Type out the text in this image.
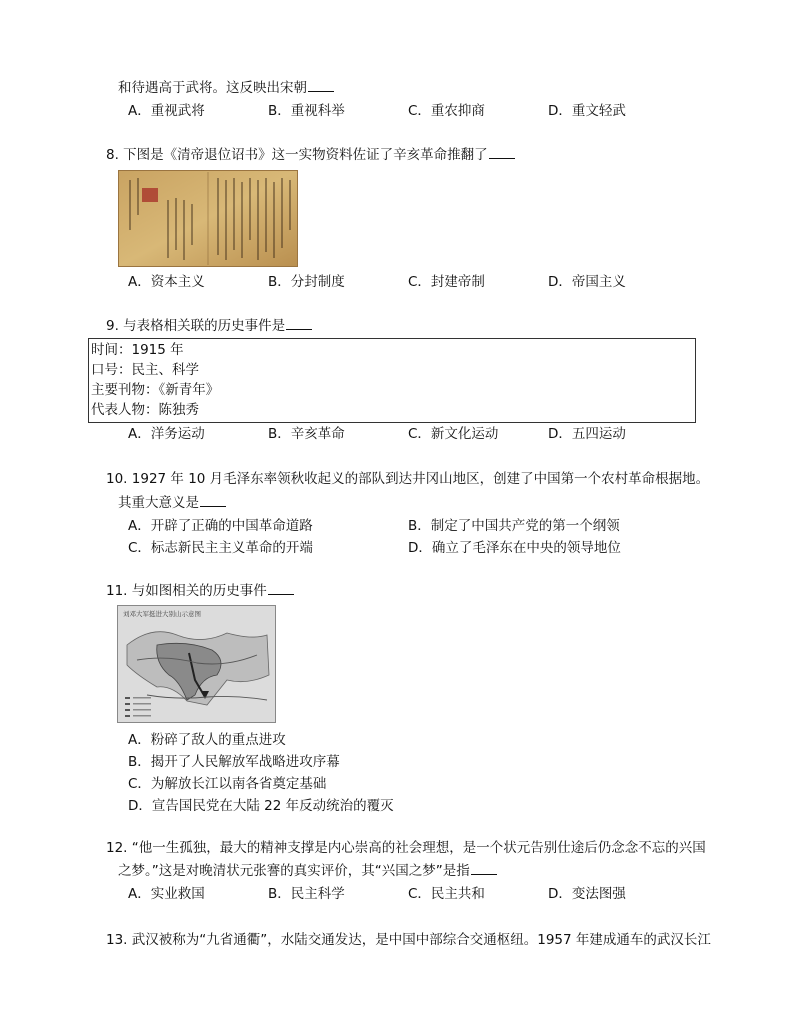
和待遇高于武将。这反映出宋朝
A．重视武将	B．重视科举	C．重农抑商	D．重文轻武
8. 下图是《清帝退位诏书》这一实物资料佐证了辛亥革命推翻了
A．资本主义	B．分封制度	C．封建帝制	D．帝国主义
9. 与表格相关联的历史事件是
时间：1915 年
口号：民主、科学
主要刊物：《新青年》
代表人物：陈独秀
A．洋务运动	B．辛亥革命	C．新文化运动	D．五四运动
10. 1927 年 10 月毛泽东率领秋收起义的部队到达井冈山地区，创建了中国第一个农村革命根据地。
其重大意义是
A．开辟了正确的中国革命道路	B．制定了中国共产党的第一个纲领
C．标志新民主主义革命的开端	D．确立了毛泽东在中央的领导地位
11. 与如图相关的历史事件
刘邓大军挺进大别山示意图
A．粉碎了敌人的重点进攻
B．揭开了人民解放军战略进攻序幕
C．为解放长江以南各省奠定基础
D．宣告国民党在大陆 22 年反动统治的覆灭
12. “他一生孤独，最大的精神支撑是内心崇高的社会理想，是一个状元告别仕途后仍念念不忘的兴国
之梦。”这是对晚清状元张謇的真实评价，其“兴国之梦”是指
A．实业救国	B．民主科学	C．民主共和	D．变法图强
13. 武汉被称为“九省通衢”，水陆交通发达，是中国中部综合交通枢纽。1957 年建成通车的武汉长江
